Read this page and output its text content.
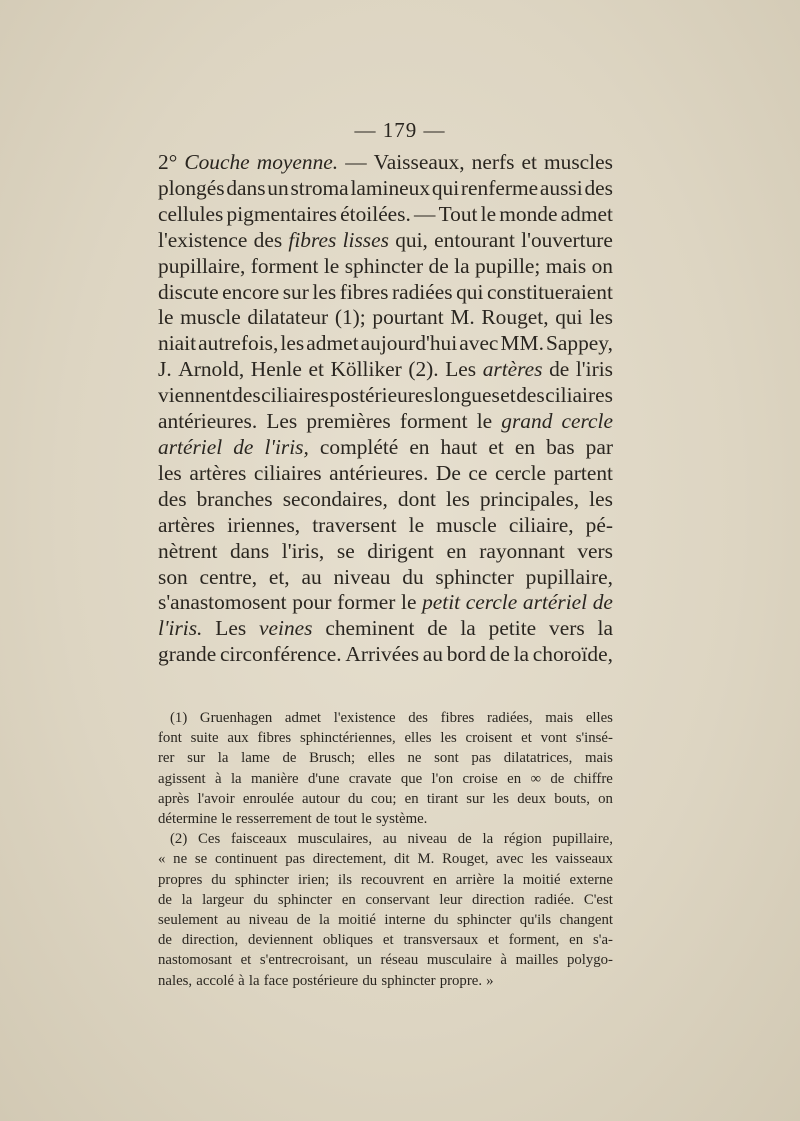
— 179 —
2° Couche moyenne. — Vaisseaux, nerfs et muscles
plongés dans un stroma lamineux qui renferme aussi des
cellules pigmentaires étoilées. — Tout le monde admet
l'existence des fibres lisses qui, entourant l'ouverture
pupillaire, forment le sphincter de la pupille; mais on
discute encore sur les fibres radiées qui constitueraient
le muscle dilatateur (1); pourtant M. Rouget, qui les
niait autrefois, les admet aujourd'hui avec MM. Sappey,
J. Arnold, Henle et Kölliker (2). Les artères de l'iris
viennent des ciliaires postérieures longues et des ciliaires
antérieures. Les premières forment le grand cercle
artériel de l'iris, complété en haut et en bas par
les artères ciliaires antérieures. De ce cercle partent
des branches secondaires, dont les principales, les
artères iriennes, traversent le muscle ciliaire, pé-
nètrent dans l'iris, se dirigent en rayonnant vers
son centre, et, au niveau du sphincter pupillaire,
s'anastomosent pour former le petit cercle artériel de
l'iris. Les veines cheminent de la petite vers la
grande circonférence. Arrivées au bord de la choroïde,
(1) Gruenhagen admet l'existence des fibres radiées, mais elles
font suite aux fibres sphinctériennes, elles les croisent et vont s'insé-
rer sur la lame de Brusch; elles ne sont pas dilatatrices, mais
agissent à la manière d'une cravate que l'on croise en ∞ de chiffre
après l'avoir enroulée autour du cou; en tirant sur les deux bouts, on
détermine le resserrement de tout le système.
(2) Ces faisceaux musculaires, au niveau de la région pupillaire,
« ne se continuent pas directement, dit M. Rouget, avec les vaisseaux
propres du sphincter irien; ils recouvrent en arrière la moitié externe
de la largeur du sphincter en conservant leur direction radiée. C'est
seulement au niveau de la moitié interne du sphincter qu'ils changent
de direction, deviennent obliques et transversaux et forment, en s'a-
nastomosant et s'entrecroisant, un réseau musculaire à mailles polygo-
nales, accolé à la face postérieure du sphincter propre. »
